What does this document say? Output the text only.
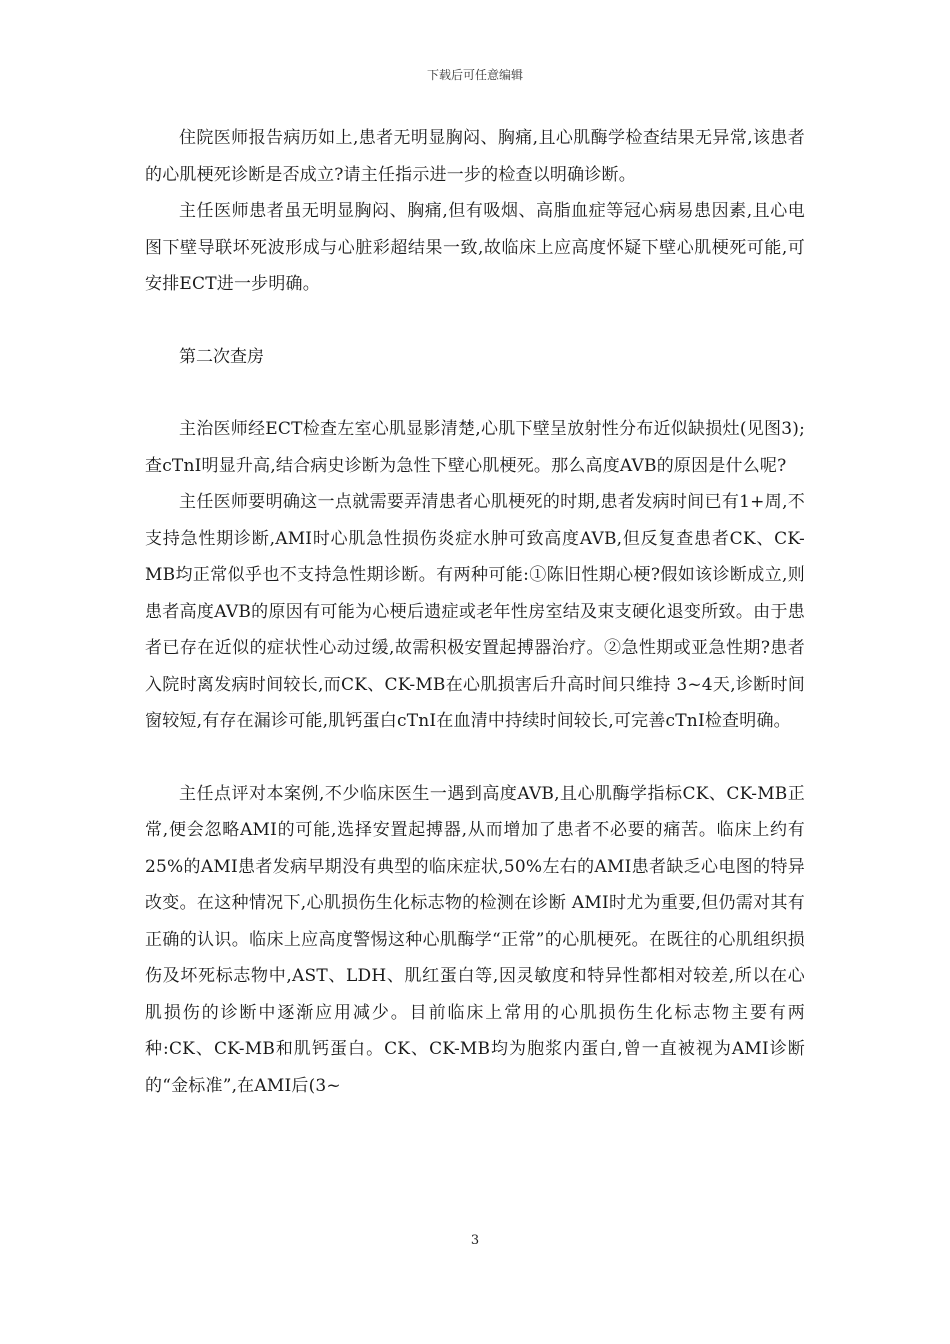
下载后可任意编辑

住院医师报告病历如上,患者无明显胸闷、胸痛,且心肌酶学检查结果无异常,该患者的心肌梗死诊断是否成立?请主任指示进一步的检查以明确诊断。

主任医师患者虽无明显胸闷、胸痛,但有吸烟、高脂血症等冠心病易患因素,且心电图下壁导联坏死波形成与心脏彩超结果一致,故临床上应高度怀疑下壁心肌梗死可能,可安排ECT进一步明确。

第二次查房

主治医师经ECT检查左室心肌显影清楚,心肌下壁呈放射性分布近似缺损灶(见图3);查cTnI明显升高,结合病史诊断为急性下壁心肌梗死。那么高度AVB的原因是什么呢?

主任医师要明确这一点就需要弄清患者心肌梗死的时期,患者发病时间已有1+周,不支持急性期诊断,AMI时心肌急性损伤炎症水肿可致高度AVB,但反复查患者CK、CK-MB均正常似乎也不支持急性期诊断。有两种可能:①陈旧性期心梗?假如该诊断成立,则患者高度AVB的原因有可能为心梗后遗症或老年性房室结及束支硬化退变所致。由于患者已存在近似的症状性心动过缓,故需积极安置起搏器治疗。②急性期或亚急性期?患者入院时离发病时间较长,而CK、CK-MB在心肌损害后升高时间只维持 3~4天,诊断时间窗较短,有存在漏诊可能,肌钙蛋白cTnI在血清中持续时间较长,可完善cTnI检查明确。

主任点评对本案例,不少临床医生一遇到高度AVB,且心肌酶学指标CK、CK-MB正常,便会忽略AMI的可能,选择安置起搏器,从而增加了患者不必要的痛苦。临床上约有25%的AMI患者发病早期没有典型的临床症状,50%左右的AMI患者缺乏心电图的特异改变。在这种情况下,心肌损伤生化标志物的检测在诊断 AMI时尤为重要,但仍需对其有正确的认识。临床上应高度警惕这种心肌酶学“正常”的心肌梗死。在既往的心肌组织损伤及坏死标志物中,AST、LDH、肌红蛋白等,因灵敏度和特异性都相对较差,所以在心肌损伤的诊断中逐渐应用减少。目前临床上常用的心肌损伤生化标志物主要有两种:CK、CK-MB和肌钙蛋白。CK、CK-MB均为胞浆内蛋白,曾一直被视为AMI诊断的“金标准”,在AMI后(3~

3
